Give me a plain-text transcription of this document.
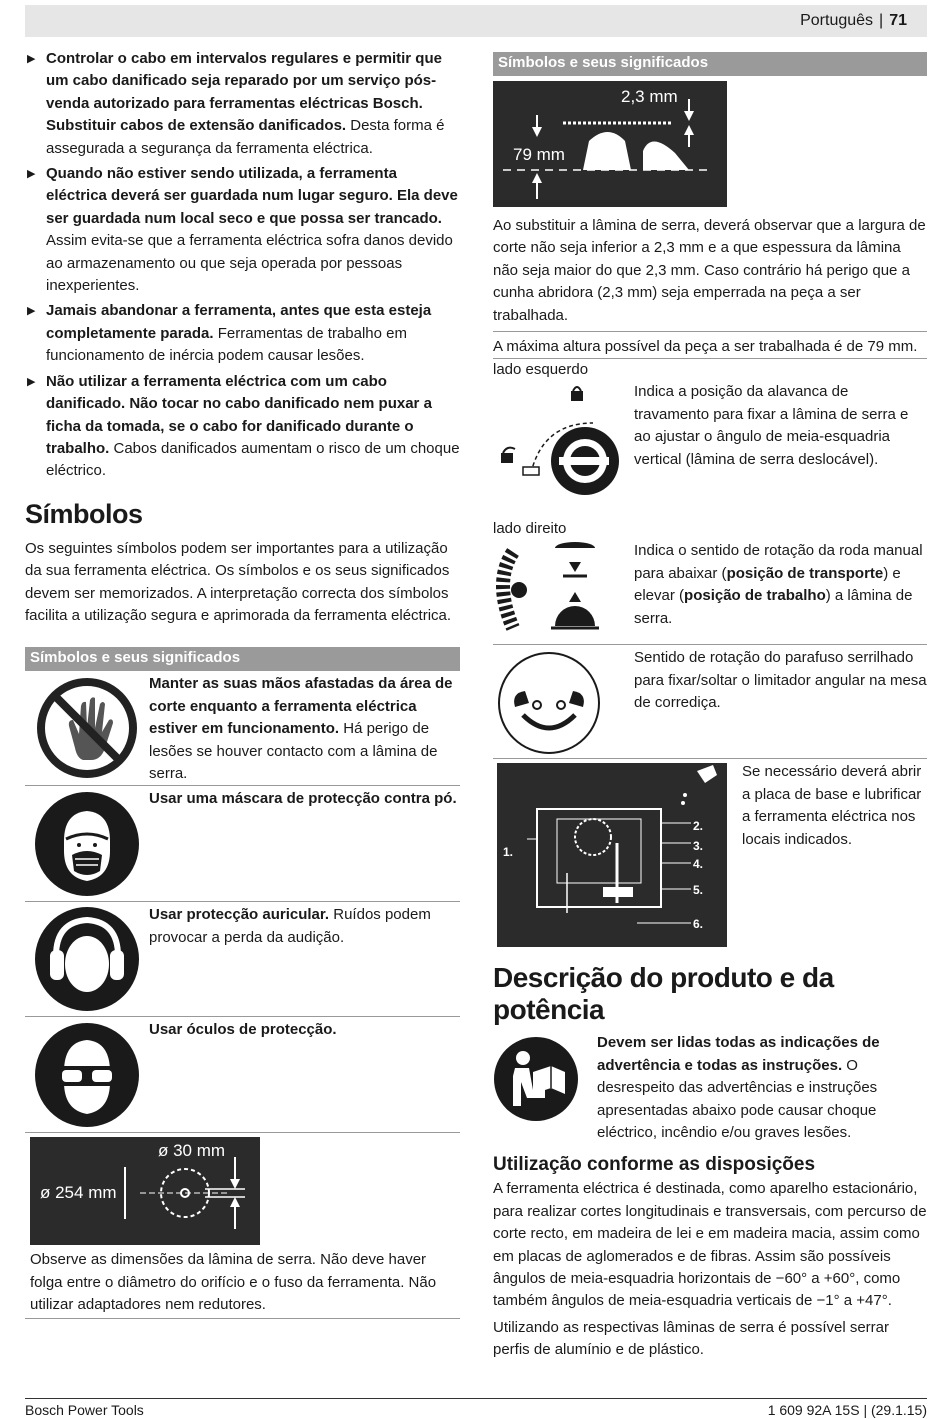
Português | 71
▶ Controlar o cabo em intervalos regulares e permitir que um cabo danificado seja reparado por um serviço pós-venda autorizado para ferramentas eléctricas Bosch. Substituir cabos de extensão danificados. Desta forma é assegurada a segurança da ferramenta eléctrica.
▶ Quando não estiver sendo utilizada, a ferramenta eléctrica deverá ser guardada num lugar seguro. Ela deve ser guardada num local seco e que possa ser trancado. Assim evita-se que a ferramenta eléctrica sofra danos devido ao armazenamento ou que seja operada por pessoas inexperientes.
▶ Jamais abandonar a ferramenta, antes que esta esteja completamente parada. Ferramentas de trabalho em funcionamento de inércia podem causar lesões.
▶ Não utilizar a ferramenta eléctrica com um cabo danificado. Não tocar no cabo danificado nem puxar a ficha da tomada, se o cabo for danificado durante o trabalho. Cabos danificados aumentam o risco de um choque eléctrico.
Símbolos

Os seguintes símbolos podem ser importantes para a utilização da sua ferramenta eléctrica. Os símbolos e os seus significados devem ser memorizados. A interpretação correcta dos símbolos facilita a utilização segura e aprimorada da ferramenta eléctrica.

Símbolos e seus significados
Manter as suas mãos afastadas da área de corte enquanto a ferramenta eléctrica estiver em funcionamento. Há perigo de lesões se houver contacto com a lâmina de serra.
Usar uma máscara de protecção contra pó.
Usar protecção auricular. Ruídos podem provocar a perda da audição.
Usar óculos de protecção.
ø 30 mm
ø 254 mm

Observe as dimensões da lâmina de serra. Não deve haver folga entre o diâmetro do orifício e o fuso da ferramenta. Não utilizar adaptadores nem redutores.

Símbolos e seus significados
2,3 mm
79 mm

Ao substituir a lâmina de serra, deverá observar que a largura de corte não seja inferior a 2,3 mm e a que espessura da lâmina não seja maior do que 2,3 mm. Caso contrário há perigo que a cunha abridora (2,3 mm) seja emperrada na peça a ser trabalhada.

A máxima altura possível da peça a ser trabalhada é de 79 mm.

lado esquerdo
Indica a posição da alavanca de travamento para fixar a lâmina de serra e ao ajustar o ângulo de meia-esquadria vertical (lâmina de serra deslocável).
lado direito
Indica o sentido de rotação da roda manual para abaixar (posição de transporte) e elevar (posição de trabalho) a lâmina de serra.
Sentido de rotação do parafuso serrilhado para fixar/soltar o limitador angular na mesa de corrediça.
1.
2.
3.
4.
5.
6.
Se necessário deverá abrir a placa de base e lubrificar a ferramenta eléctrica nos locais indicados.
Descrição do produto e da potência
Devem ser lidas todas as indicações de advertência e todas as instruções. O desrespeito das advertências e instruções apresentadas abaixo pode causar choque eléctrico, incêndio e/ou graves lesões.
Utilização conforme as disposições

A ferramenta eléctrica é destinada, como aparelho estacionário, para realizar cortes longitudinais e transversais, com percurso de corte recto, em madeira de lei e em madeira macia, assim como em placas de aglomerados e de fibras. Assim são possíveis ângulos de meia-esquadria horizontais de −60° a +60°, como também ângulos de meia-esquadria verticais de −1° a +47°.

Utilizando as respectivas lâminas de serra é possível serrar perfis de alumínio e de plástico.

Bosch Power Tools	1 609 92A 15S | (29.1.15)
